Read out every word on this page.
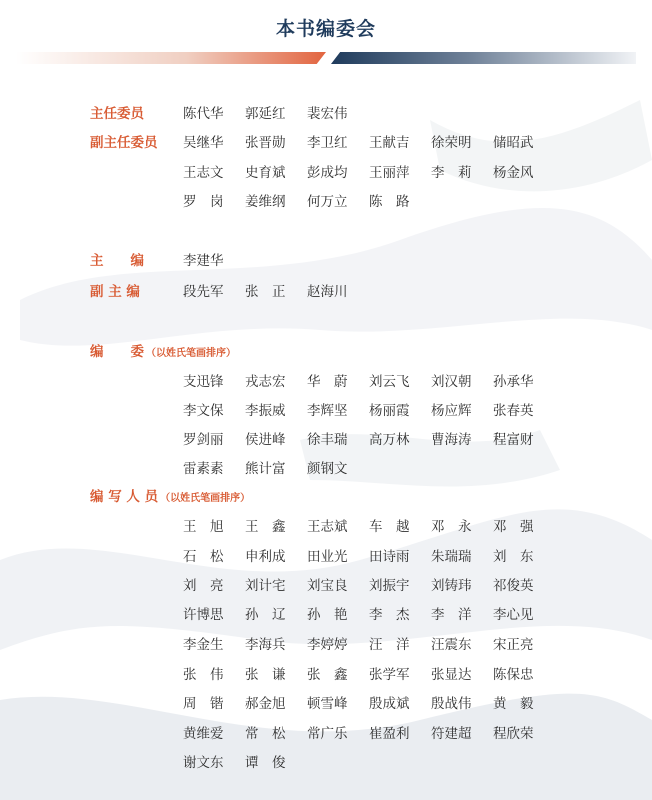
本书编委会
主任委员	陈代华 郭延红 裴宏伟
副主任委员	吴继华 张晋勋 李卫红 王献吉 徐荣明 储昭武
王志文 史育斌 彭成均 王丽萍 李　莉 杨金风
罗　岗 姜维纲 何万立 陈　路
主　　编	李建华
副 主 编	段先军 张　正 赵海川
编　　委 （以姓氏笔画排序）
支迅锋 戎志宏 华　蔚 刘云飞 刘汉朝 孙承华
李文保 李振威 李辉坚 杨丽霞 杨应辉 张春英
罗剑丽 侯进峰 徐丰瑞 高万林 曹海涛 程富财
雷素素 熊计富 颜钢文
编 写 人 员 （以姓氏笔画排序）
王　旭 王　鑫 王志斌 车　越 邓　永 邓　强
石　松 申利成 田业光 田诗雨 朱瑞瑞 刘　东
刘　亮 刘计宅 刘宝良 刘振宇 刘铸玮 祁俊英
许博思 孙　辽 孙　艳 李　杰 李　洋 李心见
李金生 李海兵 李婷婷 汪　洋 汪震东 宋正亮
张　伟 张　谦 张　鑫 张学军 张显达 陈保忠
周　锴 郝金旭 顿雪峰 殷成斌 殷战伟 黄　毅
黄维爱 常　松 常广乐 崔盈利 符建超 程欣荣
谢文东 谭　俊
